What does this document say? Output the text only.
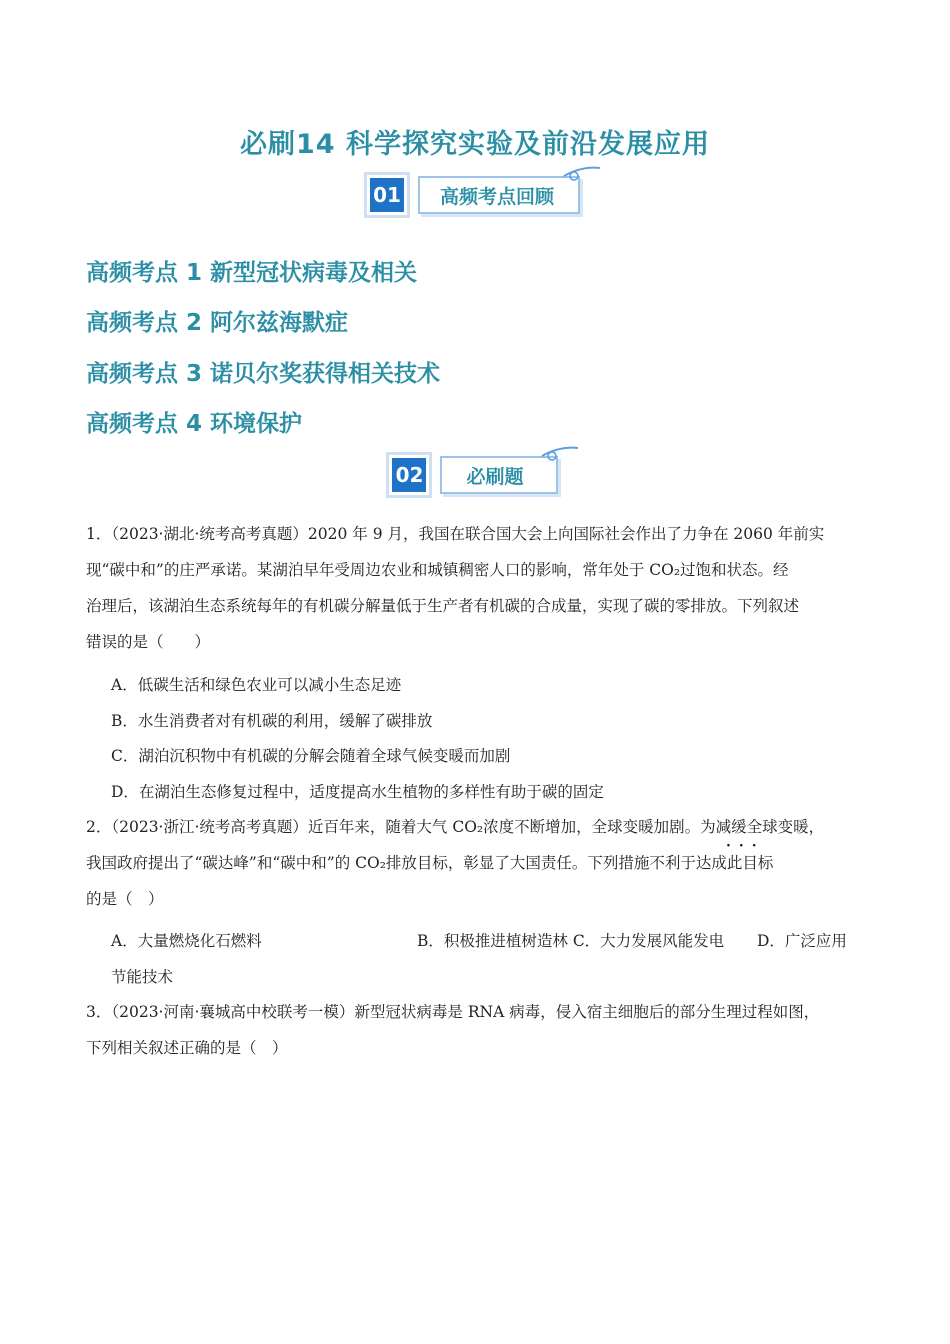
必刷14 科学探究实验及前沿发展应用
01	高频考点回顾
高频考点 1 新型冠状病毒及相关
高频考点 2 阿尔兹海默症
高频考点 3 诺贝尔奖获得相关技术
高频考点 4 环境保护
02	必刷题
1．（2023·湖北·统考高考真题）2020 年 9 月，我国在联合国大会上向国际社会作出了力争在 2060 年前实
现“碳中和”的庄严承诺。某湖泊早年受周边农业和城镇稠密人口的影响，常年处于 CO₂过饱和状态。经
治理后，该湖泊生态系统每年的有机碳分解量低于生产者有机碳的合成量，实现了碳的零排放。下列叙述
错误的是（　　）
A．低碳生活和绿色农业可以减小生态足迹
B．水生消费者对有机碳的利用，缓解了碳排放
C．湖泊沉积物中有机碳的分解会随着全球气候变暖而加剧
D．在湖泊生态修复过程中，适度提高水生植物的多样性有助于碳的固定
2．（2023·浙江·统考高考真题）近百年来，随着大气 CO₂浓度不断增加，全球变暖加剧。为减缓全球变暖，
我国政府提出了“碳达峰”和“碳中和”的 CO₂排放目标，彰显了大国责任。下列措施不利于达成此目标
的是（　）
···
A．大量燃烧化石燃料	B．积极推进植树造林 C．大力发展风能发电 D．广泛应用
节能技术
3．（2023·河南·襄城高中校联考一模）新型冠状病毒是 RNA 病毒，侵入宿主细胞后的部分生理过程如图，
下列相关叙述正确的是（　）
